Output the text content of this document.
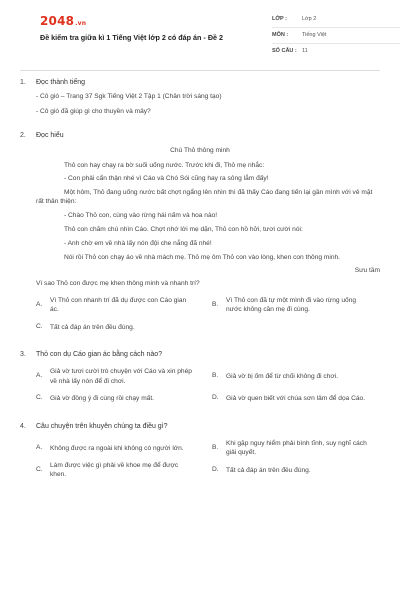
2048.vn
Đề kiểm tra giữa kì 1 Tiếng Việt lớp 2 có đáp án - Đề 2
LỚP :	Lớp 2
MÔN :	Tiếng Việt
SỐ CÂU : 11
1.	Đọc thành tiếng
- Cô gió – Trang 37 Sgk Tiếng Việt 2 Tập 1 (Chân trời sáng tạo)
- Cô gió đã giúp gì cho thuyền và mây?
2.	Đọc hiểu
Chú Thỏ thông minh
Thỏ con hay chạy ra bờ suối uống nước. Trước khi đi, Thỏ mẹ nhắc:
- Con phải cẩn thận nhé vì Cáo và Chó Sói cũng hay ra sông lắm đấy!
Một hôm, Thỏ đang uống nước bất chợt ngẩng lên nhìn thì đã thấy Cáo đang tiến lại gần mình với vẻ mặt rất thân thiện:
- Chào Thỏ con, cùng vào rừng hái nấm và hoa nào!
Thỏ con chăm chú nhìn Cáo. Chợt nhớ lời mẹ dặn, Thỏ con hồ hởi, tươi cười nói:
- Anh chờ em về nhà lấy nón đội che nắng đã nhé!
Nói rồi Thỏ con chạy áo về nhà mách mẹ. Thỏ mẹ ôm Thỏ con vào lòng, khen con thông minh.
Sưu tầm
Vì sao Thỏ con được mẹ khen thông minh và nhanh trí?
A.
Vì Thỏ con nhanh trí đã dụ được con Cáo gian ác.
B.
Vì Thỏ con đã tự một mình đi vào rừng uống nước không cần mẹ đi cùng.
C.	Tất cả đáp án trên đều đúng.
3.	Thỏ con dụ Cáo gian ác bằng cách nào?
A.
Giả vờ tươi cười trò chuyện với Cáo và xin phép về nhà lấy nón để đi chơi.
B.	Giả vờ bị ốm để từ chối không đi chơi.
C.	Giả vờ đồng ý đi cùng rồi chạy mất.	D.	Giả vờ quen biết với chúa sơn lâm để dọa Cáo.
4.	Câu chuyện trên khuyên chúng ta điều gì?
A.	Không được ra ngoài khi không có người lớn.	B.
Khi gặp nguy hiểm phải bình tĩnh, suy nghĩ cách giải quyết.
C.
Làm được việc gì phải về khoe mẹ để được khen.
D.	Tất cả đáp án trên đều đúng.
